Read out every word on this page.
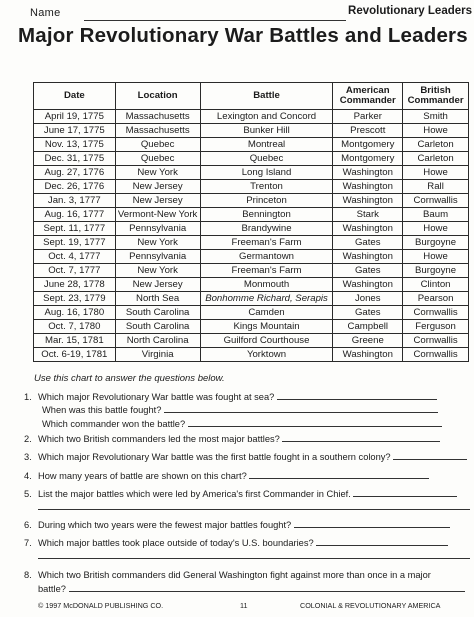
Name	Revolutionary Leaders
Major Revolutionary War Battles and Leaders
Date	Location	Battle	American Commander	British Commander
April 19, 1775	Massachusetts	Lexington and Concord	Parker	Smith
June 17, 1775	Massachusetts	Bunker Hill	Prescott	Howe
Nov. 13, 1775	Quebec	Montreal	Montgomery	Carleton
Dec. 31, 1775	Quebec	Quebec	Montgomery	Carleton
Aug. 27, 1776	New York	Long Island	Washington	Howe
Dec. 26, 1776	New Jersey	Trenton	Washington	Rall
Jan. 3, 1777	New Jersey	Princeton	Washington	Cornwallis
Aug. 16, 1777	Vermont-New York	Bennington	Stark	Baum
Sept. 11, 1777	Pennsylvania	Brandywine	Washington	Howe
Sept. 19, 1777	New York	Freeman's Farm	Gates	Burgoyne
Oct. 4, 1777	Pennsylvania	Germantown	Washington	Howe
Oct. 7, 1777	New York	Freeman's Farm	Gates	Burgoyne
June 28, 1778	New Jersey	Monmouth	Washington	Clinton
Sept. 23, 1779	North Sea	Bonhomme Richard, Serapis	Jones	Pearson
Aug. 16, 1780	South Carolina	Camden	Gates	Cornwallis
Oct. 7, 1780	South Carolina	Kings Mountain	Campbell	Ferguson
Mar. 15, 1781	North Carolina	Guilford Courthouse	Greene	Cornwallis
Oct. 6-19, 1781	Virginia	Yorktown	Washington	Cornwallis
Use this chart to answer the questions below.
1. Which major Revolutionary War battle was fought at sea?
When was this battle fought?
Which commander won the battle?
2. Which two British commanders led the most major battles?
3. Which major Revolutionary War battle was the first battle fought in a southern colony?
4. How many years of battle are shown on this chart?
5. List the major battles which were led by America's first Commander in Chief.
6. During which two years were the fewest major battles fought?
7. Which major battles took place outside of today's U.S. boundaries?
8. Which two British commanders did General Washington fight against more than once in a major
battle?
© 1997 McDONALD PUBLISHING CO.	11	COLONIAL & REVOLUTIONARY AMERICA
